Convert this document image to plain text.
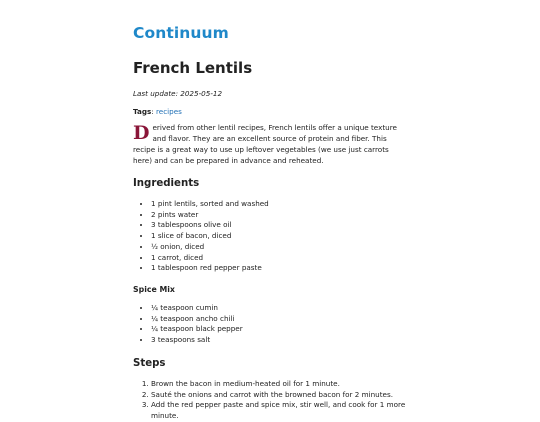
Continuum
French Lentils

Last update: 2025-05-12

Tags: recipes

Derived from other lentil recipes, French lentils offer a unique texture and flavor. They are an excellent source of protein and fiber. This recipe is a great way to use up leftover vegetables (we use just carrots here) and can be prepared in advance and reheated.

Ingredients
• 1 pint lentils, sorted and washed
• 2 pints water
• 3 tablespoons olive oil
• 1 slice of bacon, diced
• ½ onion, diced
• 1 carrot, diced
• 1 tablespoon red pepper paste
Spice Mix
• ¼ teaspoon cumin
• ¼ teaspoon ancho chili
• ¼ teaspoon black pepper
• 3 teaspoons salt
Steps
1. Brown the bacon in medium-heated oil for 1 minute.
2. Sauté the onions and carrot with the browned bacon for 2 minutes.
3. Add the red pepper paste and spice mix, stir well, and cook for 1 more minute.
